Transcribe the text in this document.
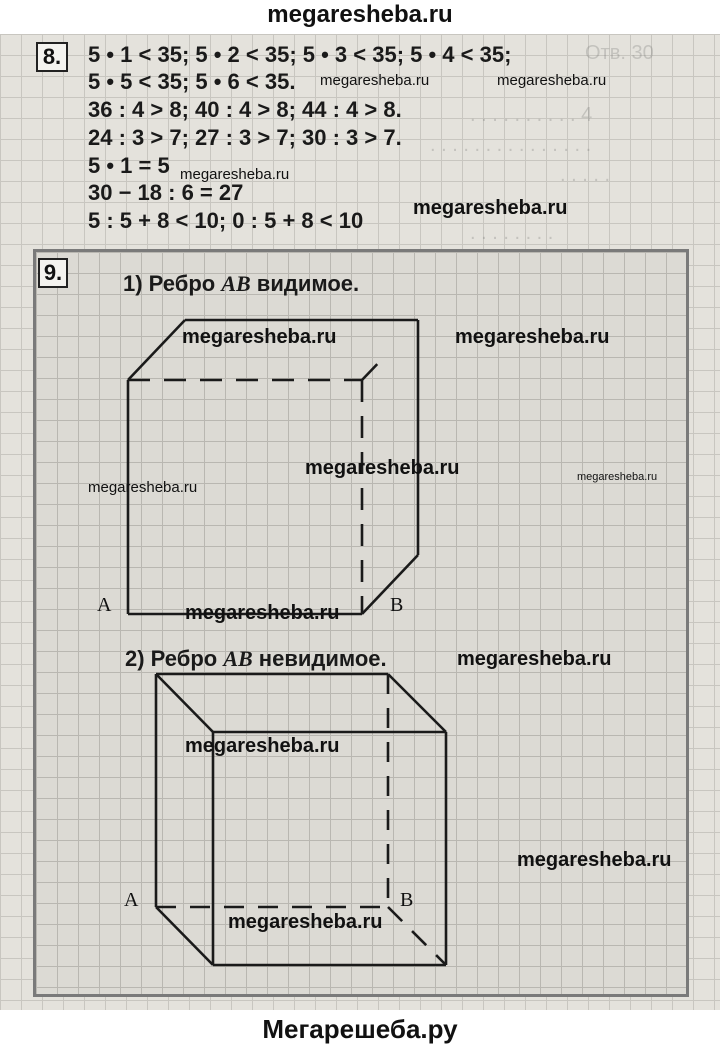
megaresheba.ru
Отв. 30
. . . . . . . . . . 4
. . . . . . . . . . . . . . .
. . . . .
. . . . . . . .
8.	5 • 1 < 35; 5 • 2 < 35; 5 • 3 < 35; 5 • 4 < 35;
5 • 5 < 35; 5 • 6 < 35.
36 : 4 > 8; 40 : 4 > 8; 44 : 4 > 8.
24 : 3 > 7; 27 : 3 > 7; 30 : 3 > 7.
5 • 1 = 5
30 − 18 : 6 = 27
5 : 5 + 8 < 10; 0 : 5 + 8 < 10
9.	1) Ребро AB видимое.
2) Ребро AB невидимое.
A	B
A	B
megaresheba.ru	megaresheba.ru
megaresheba.ru
megaresheba.ru
megaresheba.ru	megaresheba.ru
megaresheba.ru
megaresheba.ru
megaresheba.ru
megaresheba.ru
megaresheba.ru
megaresheba.ru
megaresheba.ru
megaresheba.ru
Мегарешеба.ру
